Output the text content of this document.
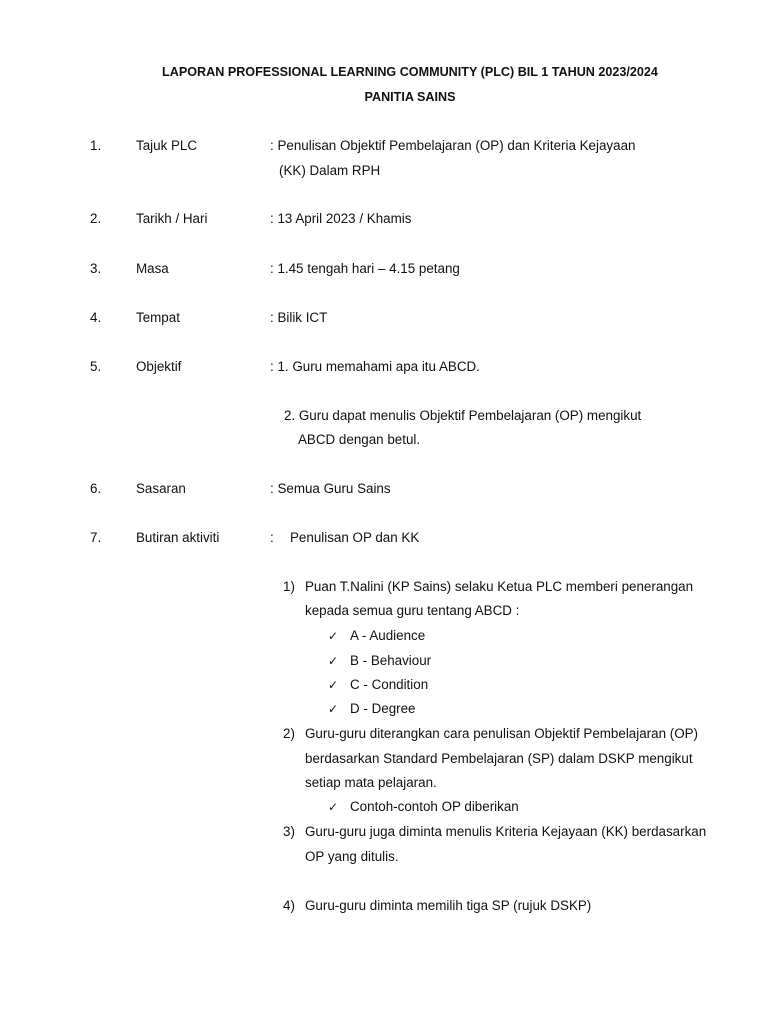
LAPORAN PROFESSIONAL LEARNING COMMUNITY (PLC) BIL 1 TAHUN 2023/2024
PANITIA SAINS
1.	Tajuk PLC	: Penulisan Objektif Pembelajaran (OP) dan Kriteria Kejayaan
(KK) Dalam RPH
2.	Tarikh / Hari	: 13 April 2023 / Khamis
3.	Masa	: 1.45 tengah hari – 4.15 petang
4.	Tempat	: Bilik ICT
5.	Objektif	: 1. Guru memahami apa itu ABCD.
2. Guru dapat menulis Objektif Pembelajaran (OP) mengikut
ABCD dengan betul.
6.	Sasaran	: Semua Guru Sains
7.	Butiran aktiviti	: Penulisan OP dan KK
1) Puan T.Nalini (KP Sains) selaku Ketua PLC memberi penerangan
kepada semua guru tentang ABCD :
✓ A - Audience
✓ B - Behaviour
✓ C - Condition
✓ D - Degree
2) Guru-guru diterangkan cara penulisan Objektif Pembelajaran (OP)
berdasarkan Standard Pembelajaran (SP) dalam DSKP mengikut
setiap mata pelajaran.
✓ Contoh-contoh OP diberikan
3) Guru-guru juga diminta menulis Kriteria Kejayaan (KK) berdasarkan
OP yang ditulis.
4) Guru-guru diminta memilih tiga SP (rujuk DSKP)
